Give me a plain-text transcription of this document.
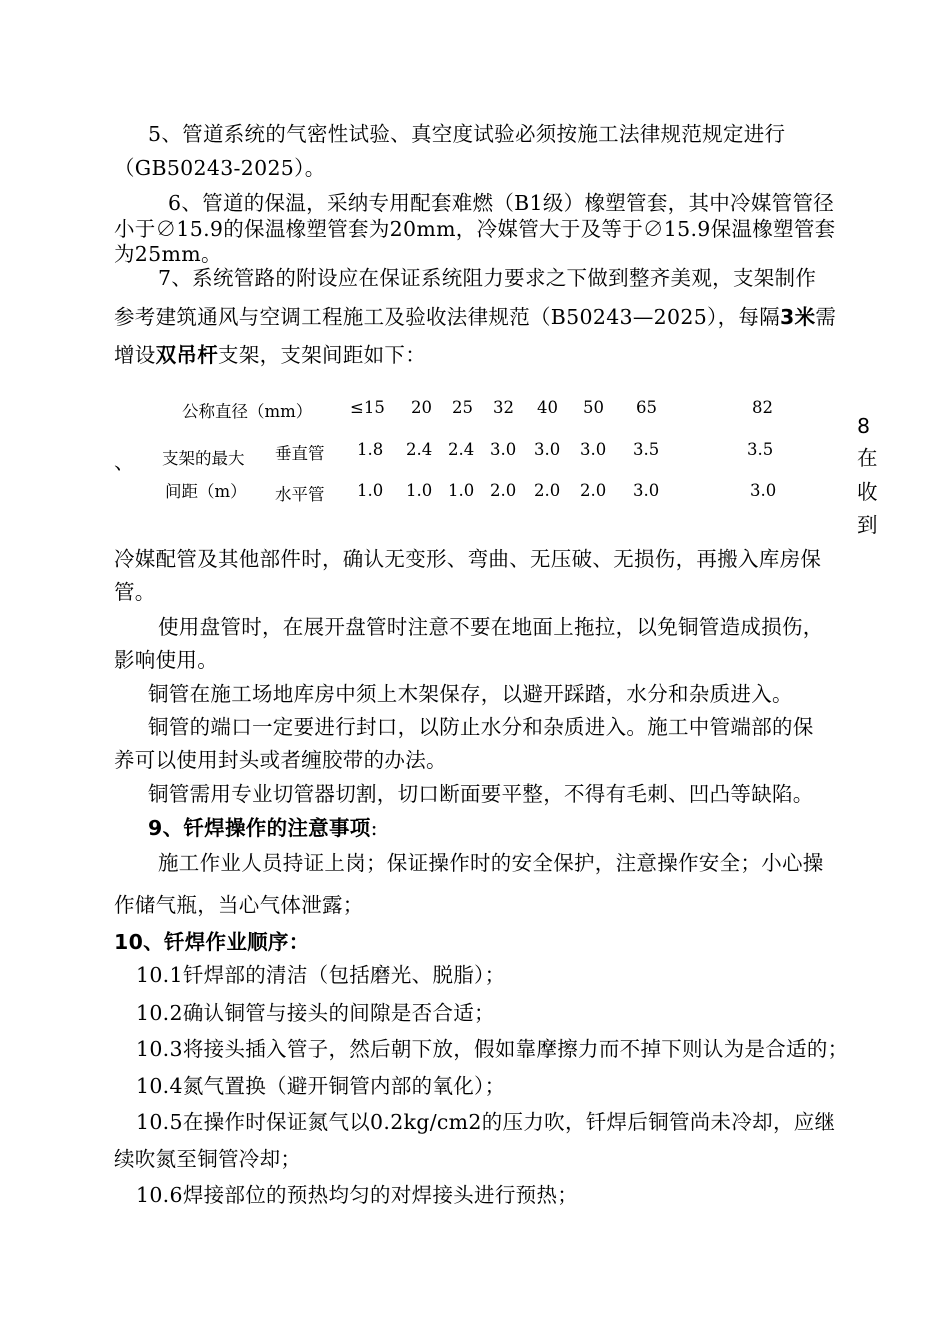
5、管道系统的气密性试验、真空度试验必须按施工法律规范规定进行
（GB50243-2025）。
6、管道的保温，采纳专用配套难燃（B1级）橡塑管套，其中冷媒管管径
小于∅15.9的保温橡塑管套为20mm，冷媒管大于及等于∅15.9保温橡塑管套
为25mm。
7、系统管路的附设应在保证系统阻力要求之下做到整齐美观，支架制作
参考建筑通风与空调工程施工及验收法律规范（B50243—2025），每隔3米需
增设双吊杆支架，支架间距如下：
公称直径（mm） ≤15 20 25 32 40 50 65	82
支架的最大
间距（m）
垂直管 1.8 2.4 2.4 3.0 3.0 3.0 3.5	3.5
水平管 1.0 1.0 1.0 2.0 2.0 2.0 3.0	3.0
、
8
在
收
到
冷媒配管及其他部件时，确认无变形、弯曲、无压破、无损伤，再搬入库房保
管。
使用盘管时，在展开盘管时注意不要在地面上拖拉，以免铜管造成损伤，
影响使用。
铜管在施工场地库房中须上木架保存，以避开踩踏，水分和杂质进入。
铜管的端口一定要进行封口，以防止水分和杂质进入。施工中管端部的保
养可以使用封头或者缠胶带的办法。
铜管需用专业切管器切割，切口断面要平整，不得有毛刺、凹凸等缺陷。
9、钎焊操作的注意事项:
施工作业人员持证上岗；保证操作时的安全保护，注意操作安全；小心操
作储气瓶，当心气体泄露；
10、钎焊作业顺序：
10.1钎焊部的清洁（包括磨光、脱脂）；
10.2确认铜管与接头的间隙是否合适；
10.3将接头插入管子，然后朝下放，假如靠摩擦力而不掉下则认为是合适的；
10.4氮气置换（避开铜管内部的氧化）；
10.5在操作时保证氮气以0.2kg/cm2的压力吹，钎焊后铜管尚未冷却，应继
续吹氮至铜管冷却；
10.6焊接部位的预热均匀的对焊接头进行预热；
